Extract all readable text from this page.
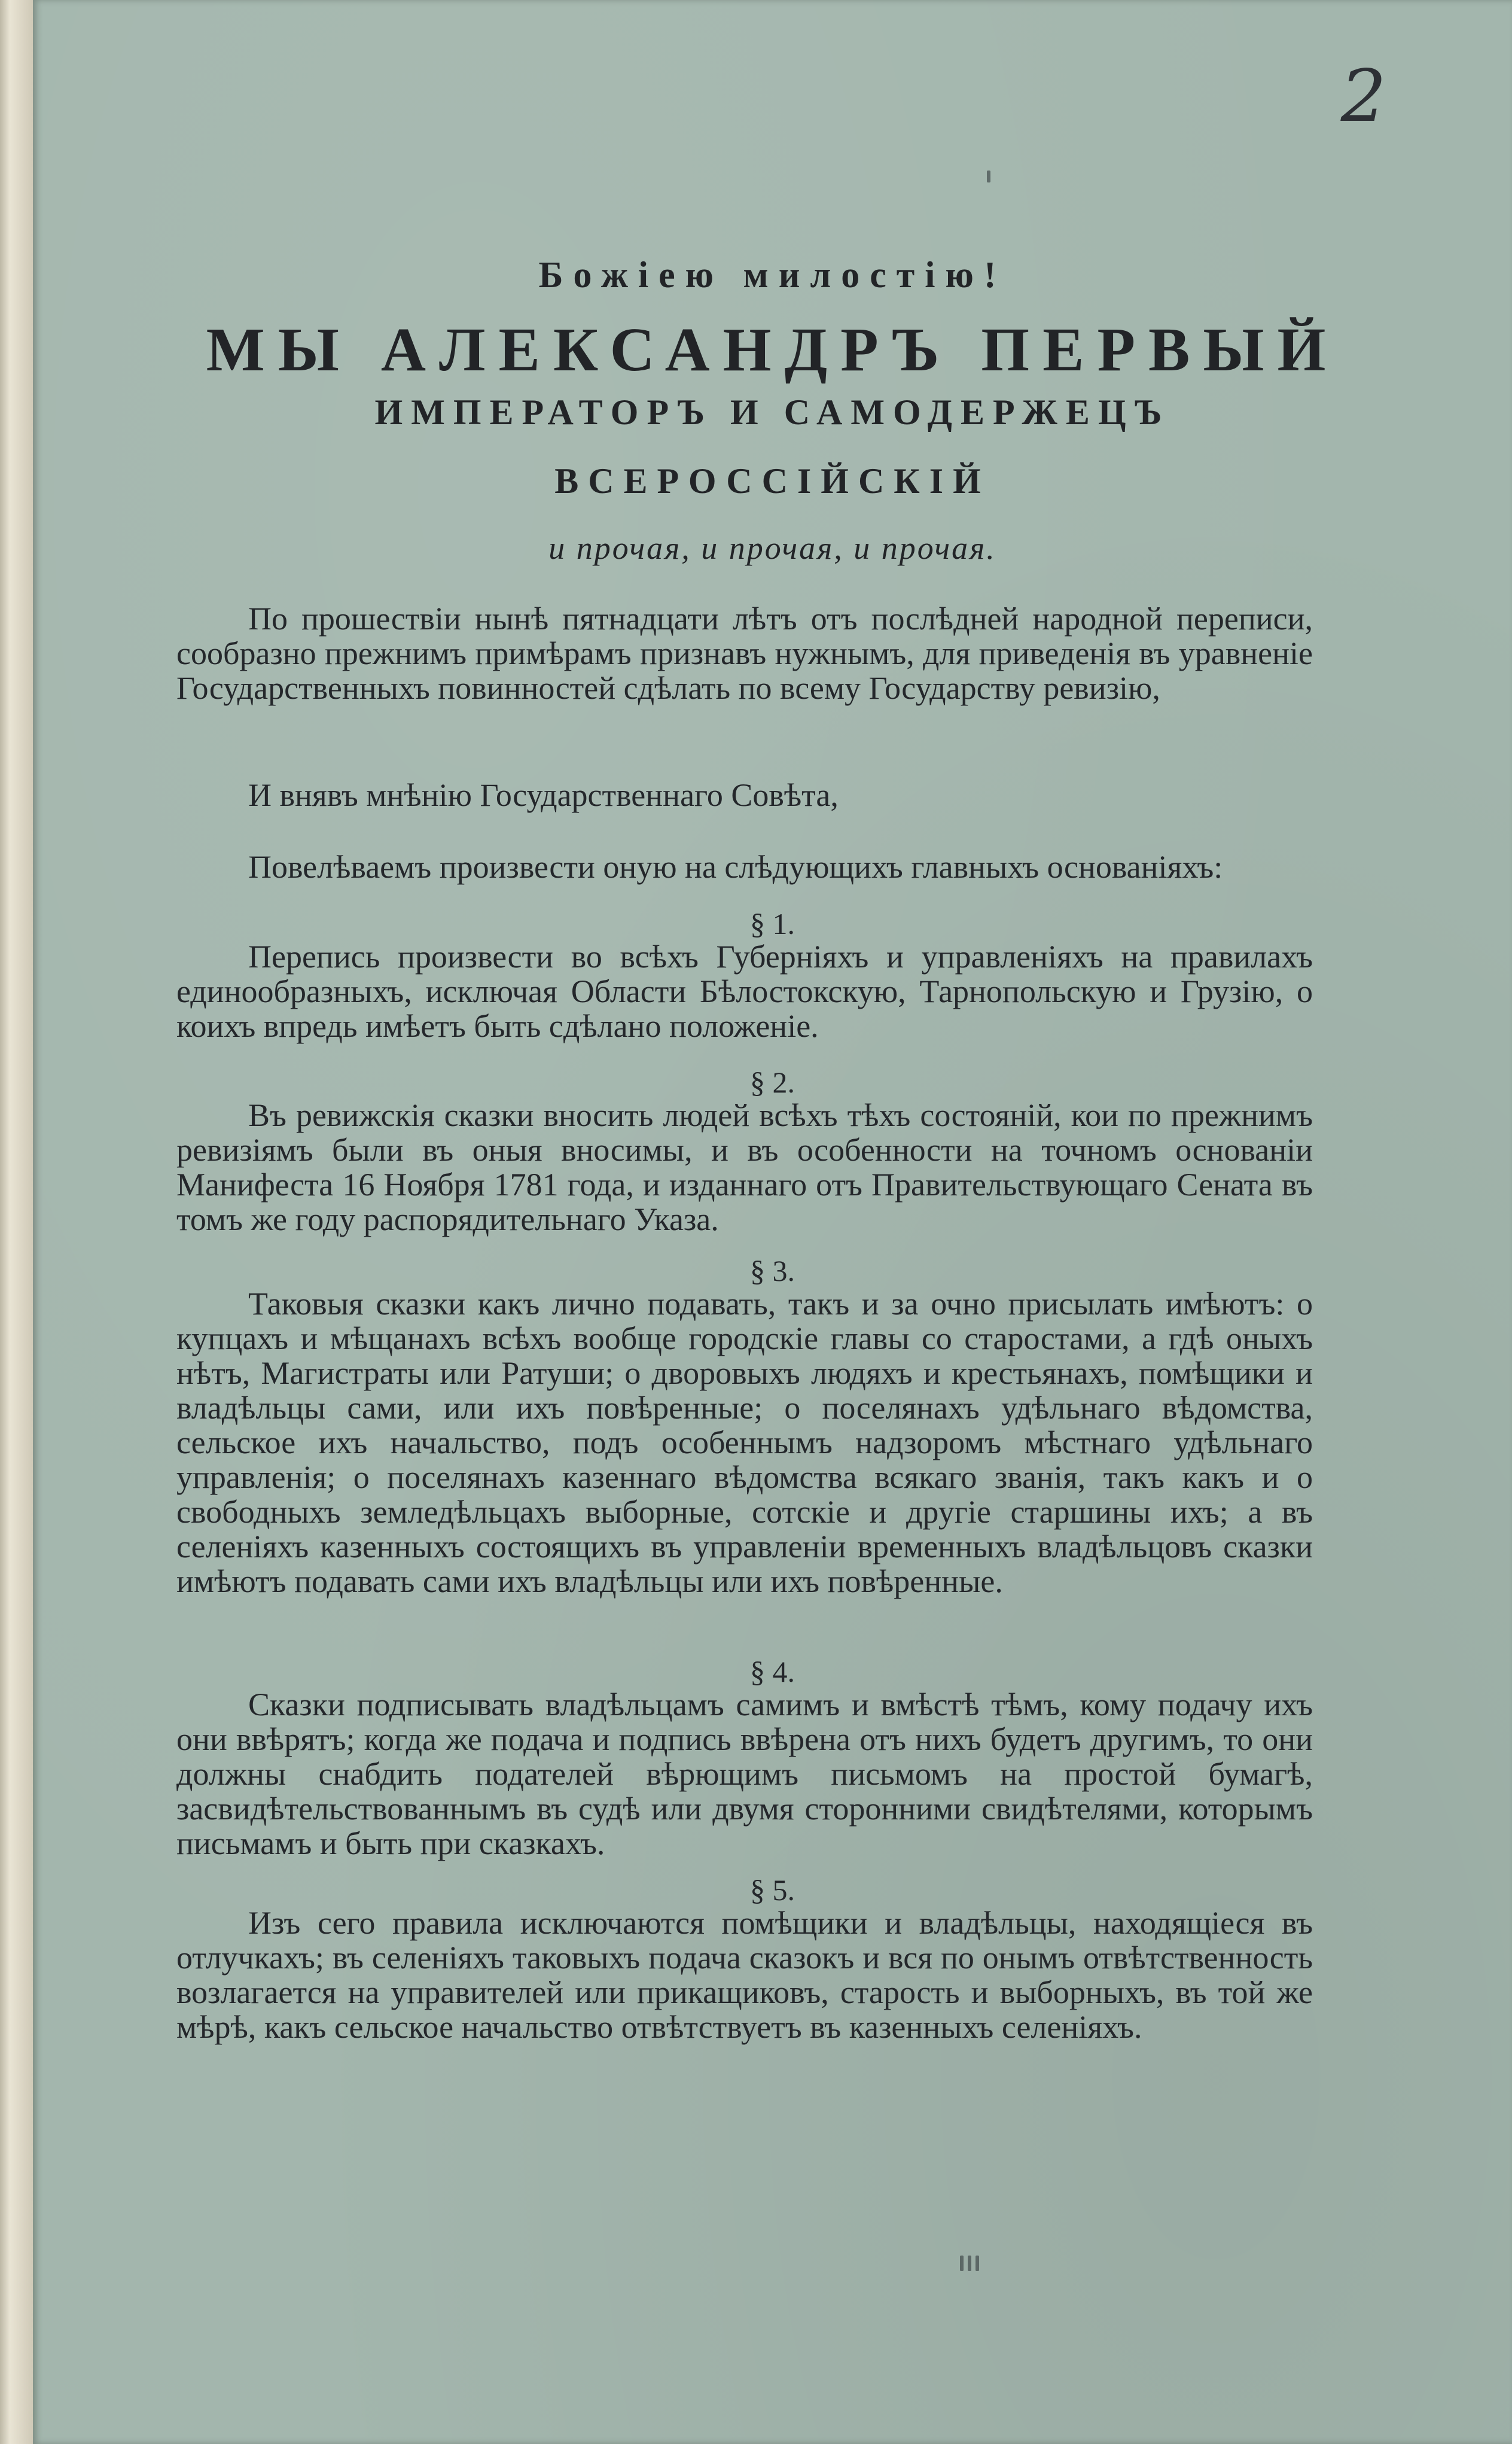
2
Божiею милостiю!
МЫ АЛЕКСАНДРЪ ПЕРВЫЙ
ИМПЕРАТОРЪ И САМОДЕРЖЕЦЪ
ВСЕРОССIЙСКIЙ
и прочая, и прочая, и прочая.

По прошествiи нынѣ пятнадцати лѣтъ отъ послѣдней народной переписи, сообразно прежнимъ примѣрамъ признавъ нужнымъ, для приведенiя въ уравненiе Государственныхъ повинностей сдѣлать по всему Государству ревизiю,

И внявъ мнѣнiю Государственнаго Совѣта,

Повелѣваемъ произвести оную на слѣдующихъ главныхъ основанiяхъ:

§ 1.

Перепись произвести во всѣхъ Губернiяхъ и управленiяхъ на правилахъ единообразныхъ, исключая Области Бѣлостокскую, Тарнопольскую и Грузiю, о коихъ впредь имѣетъ быть сдѣлано положенiе.

§ 2.

Въ ревижскiя сказки вносить людей всѣхъ тѣхъ состоянiй, кои по прежнимъ ревизiямъ были въ оныя вносимы, и въ особенности на точномъ основанiи Манифеста 16 Ноября 1781 года, и изданнаго отъ Правительствующаго Сената въ томъ же году распорядительнаго Указа.

§ 3.

Таковыя сказки какъ лично подавать, такъ и за очно присылать имѣютъ: о купцахъ и мѣщанахъ всѣхъ вообще городскiе главы со старостами, а гдѣ оныхъ нѣтъ, Магистраты или Ратуши; о дворовыхъ людяхъ и крестьянахъ, помѣщики и владѣльцы сами, или ихъ повѣренные; о поселянахъ удѣльнаго вѣдомства, сельское ихъ начальство, подъ особеннымъ надзоромъ мѣстнаго удѣльнаго управленiя; о поселянахъ казеннаго вѣдомства всякаго званiя, такъ какъ и о свободныхъ земледѣльцахъ выборные, сотскiе и другiе старшины ихъ; а въ селенiяхъ казенныхъ состоящихъ въ управленiи временныхъ владѣльцовъ сказки имѣютъ подавать сами ихъ владѣльцы или ихъ повѣренные.

§ 4.

Сказки подписывать владѣльцамъ самимъ и вмѣстѣ тѣмъ, кому подачу ихъ они ввѣрятъ; когда же подача и подпись ввѣрена отъ нихъ будетъ другимъ, то они должны снабдить подателей вѣрющимъ письмомъ на простой бумагѣ, засвидѣтельствованнымъ въ судѣ или двумя сторонними свидѣтелями, которымъ письмамъ и быть при сказкахъ.

§ 5.

Изъ сего правила исключаются помѣщики и владѣльцы, находящiеся въ отлучкахъ; въ селенiяхъ таковыхъ подача сказокъ и вся по онымъ отвѣтственность возлагается на управителей или прикащиковъ, старость и выборныхъ, въ той же мѣрѣ, какъ сельское начальство отвѣтствуетъ въ казенныхъ селенiяхъ.
